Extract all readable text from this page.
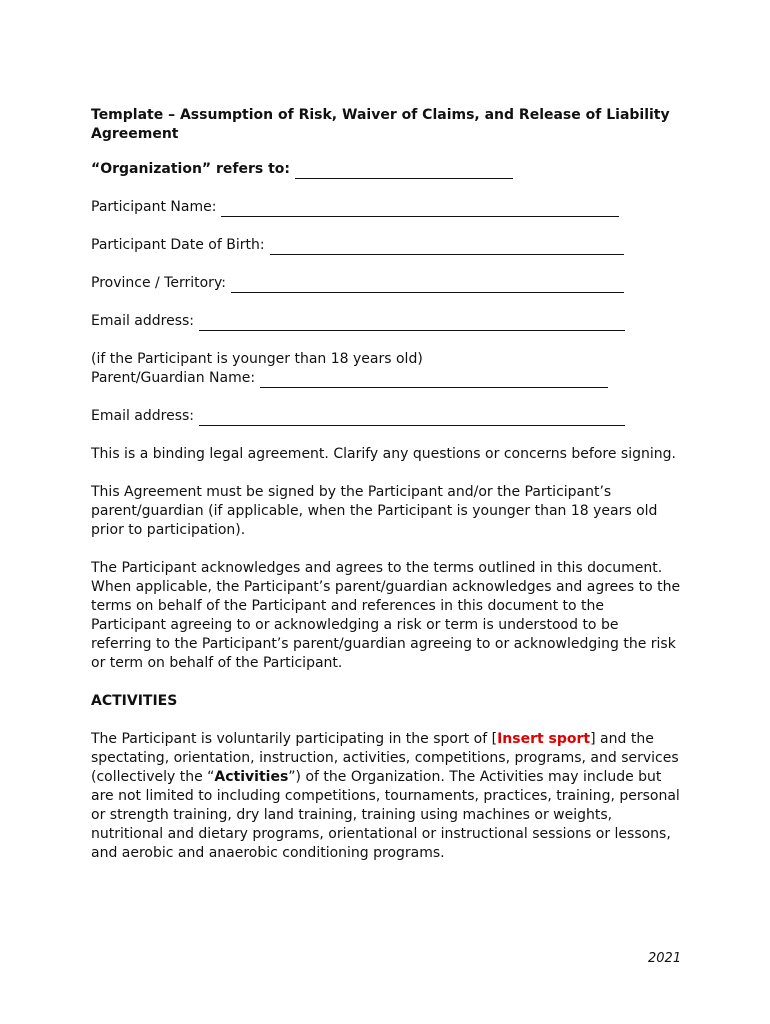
Template – Assumption of Risk, Waiver of Claims, and Release of Liability Agreement
“Organization” refers to:
Participant Name:
Participant Date of Birth:
Province / Territory:
Email address:
(if the Participant is younger than 18 years old)
Parent/Guardian Name:
Email address:

This is a binding legal agreement. Clarify any questions or concerns before signing.

This Agreement must be signed by the Participant and/or the Participant’s parent/guardian (if applicable, when the Participant is younger than 18 years old prior to participation).

The Participant acknowledges and agrees to the terms outlined in this document. When applicable, the Participant’s parent/guardian acknowledges and agrees to the terms on behalf of the Participant and references in this document to the Participant agreeing to or acknowledging a risk or term is understood to be referring to the Participant’s parent/guardian agreeing to or acknowledging the risk or term on behalf of the Participant.

ACTIVITIES

The Participant is voluntarily participating in the sport of [Insert sport] and the spectating, orientation, instruction, activities, competitions, programs, and services (collectively the “Activities”) of the Organization. The Activities may include but are not limited to including competitions, tournaments, practices, training, personal or strength training, dry land training, training using machines or weights, nutritional and dietary programs, orientational or instructional sessions or lessons, and aerobic and anaerobic conditioning programs.

2021
